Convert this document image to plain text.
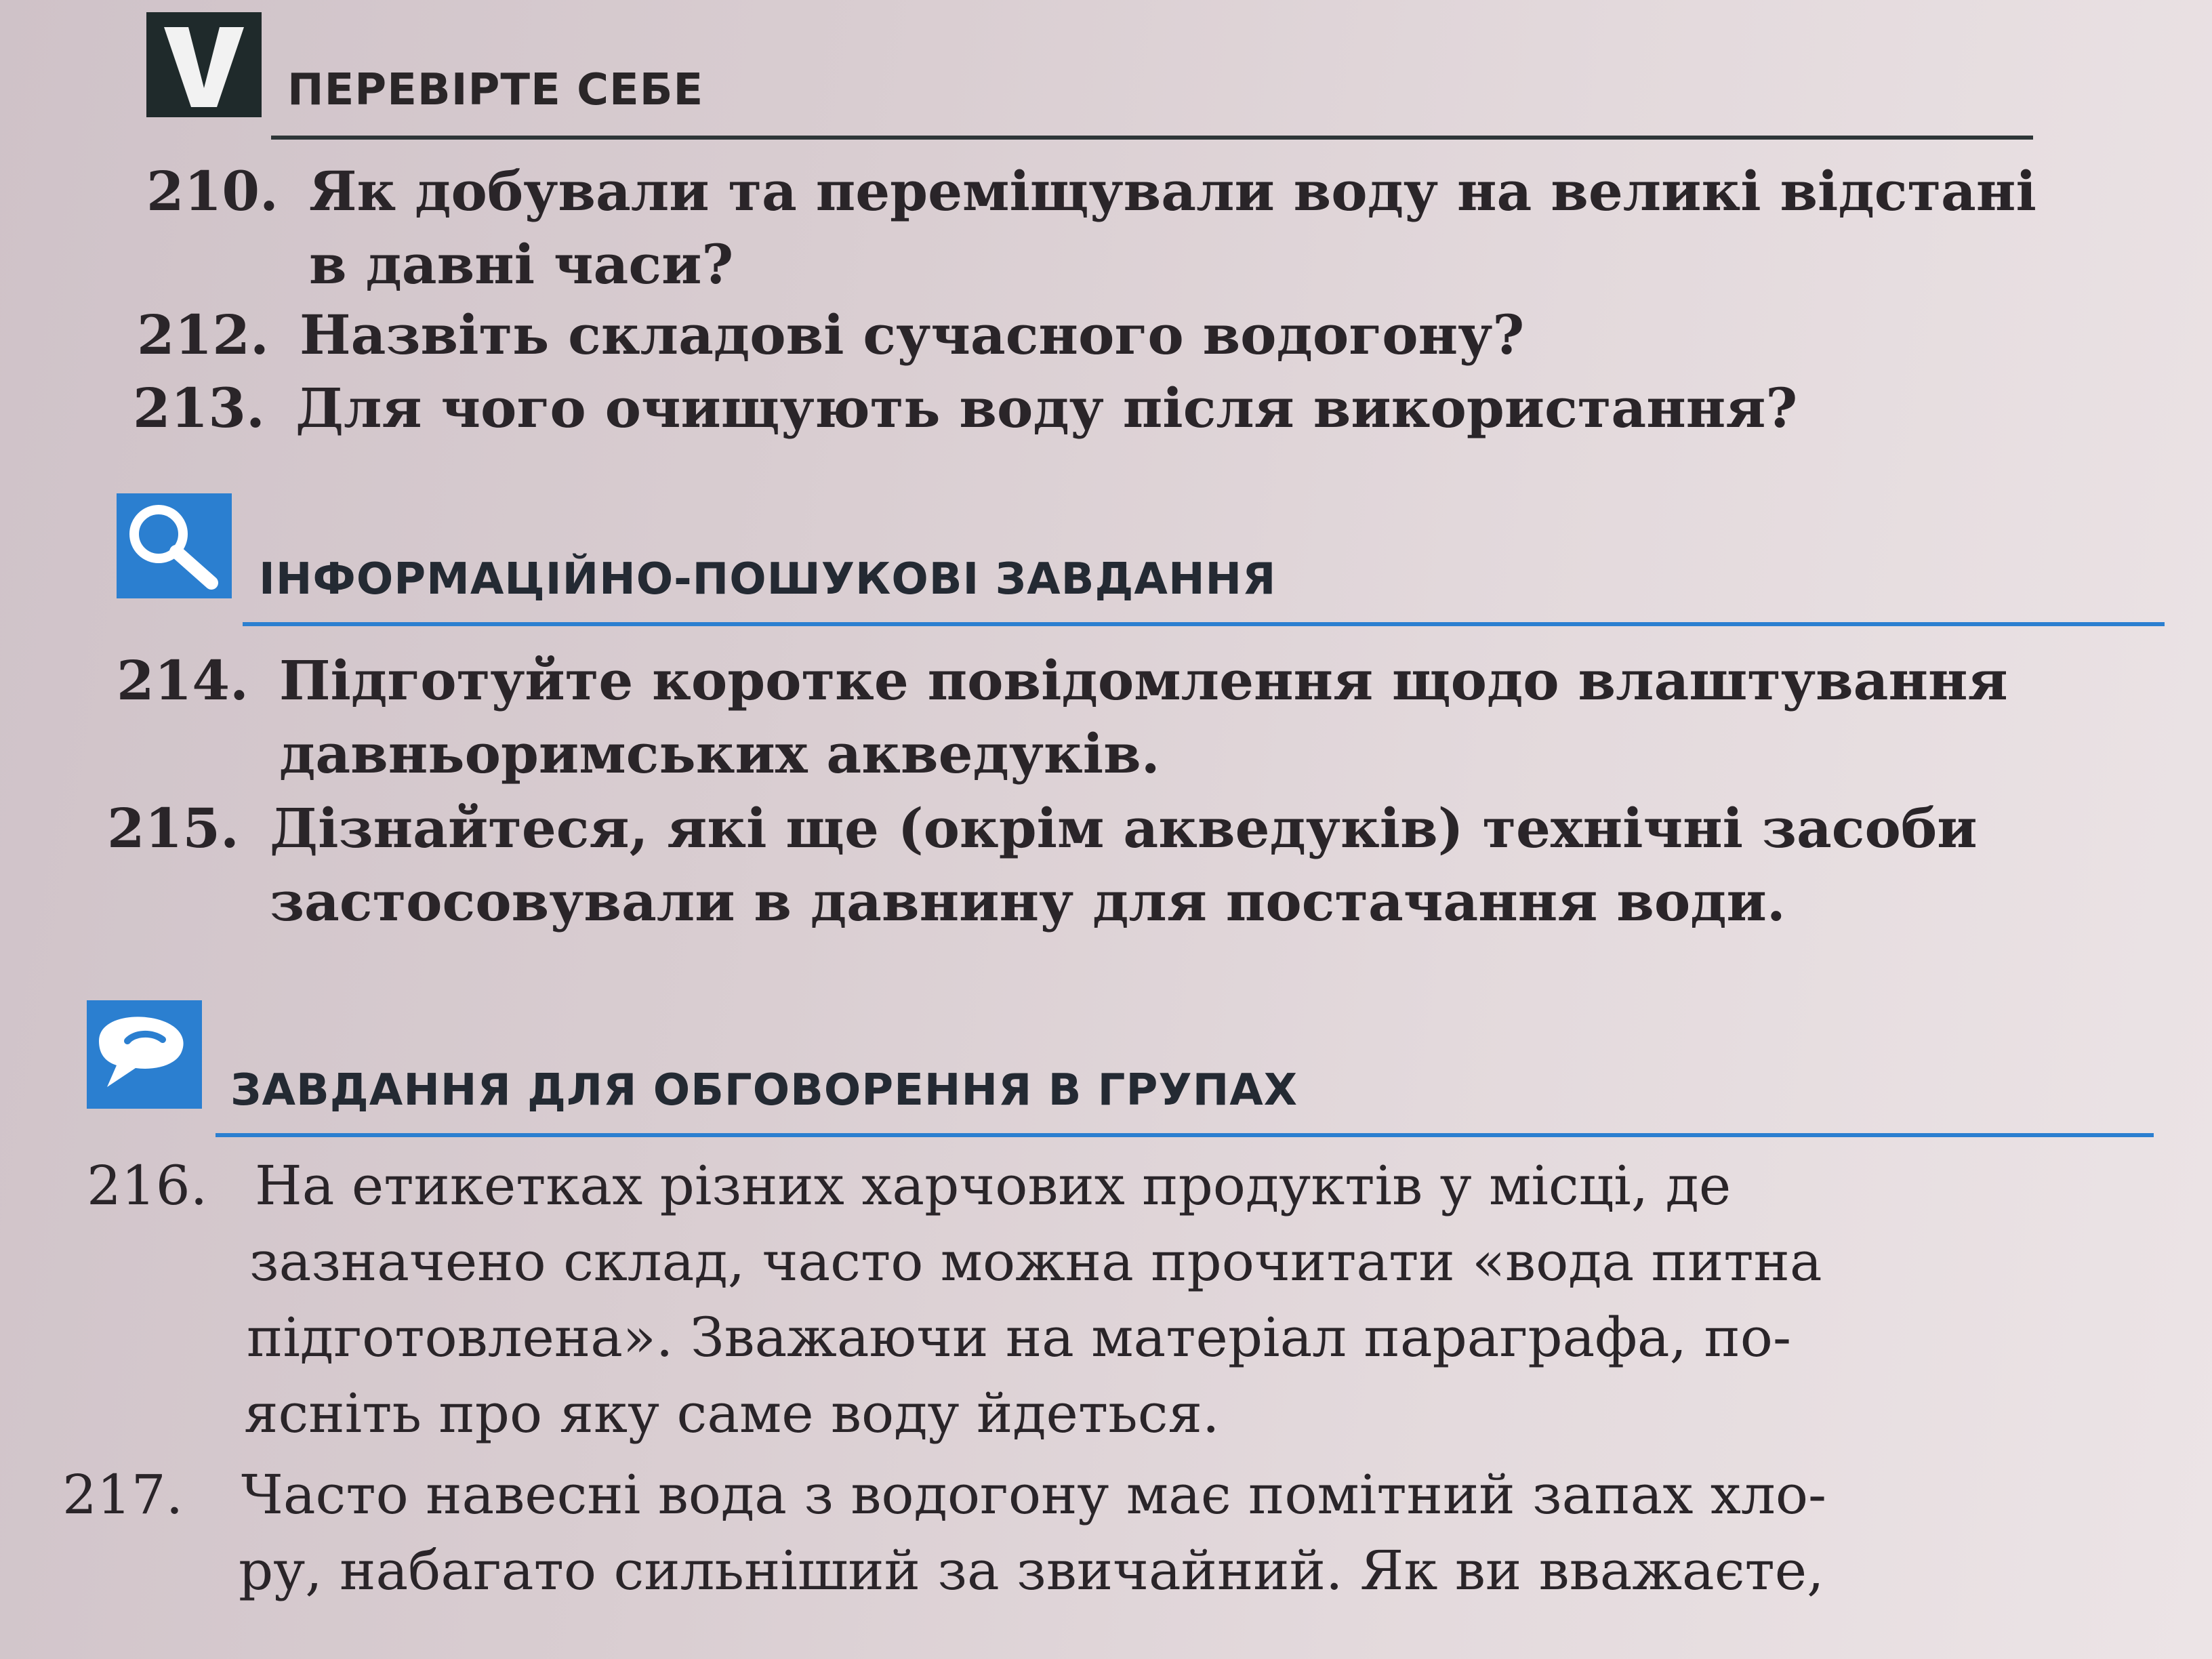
ПЕРЕВІРТЕ СЕБЕ
210. Як добували та переміщували воду на великі відстані
в давні часи?
212. Назвіть складові сучасного водогону?
213. Для чого очищують воду після використання?
ІНФОРМАЦІЙНО-ПОШУКОВІ ЗАВДАННЯ
214. Підготуйте коротке повідомлення щодо влаштування
давньоримських акведуків.
215. Дізнайтеся, які ще (окрім акведуків) технічні засоби
застосовували в давнину для постачання води.
ЗАВДАННЯ ДЛЯ ОБГОВОРЕННЯ В ГРУПАХ
216. На етикетках різних харчових продуктів у місці, де
зазначено склад, часто можна прочитати «вода питна
підготовлена». Зважаючи на матеріал параграфа, по-
ясніть про яку саме воду йдеться.
217. Часто навесні вода з водогону має помітний запах хло-
ру, набагато сильніший за звичайний. Як ви вважаєте,
